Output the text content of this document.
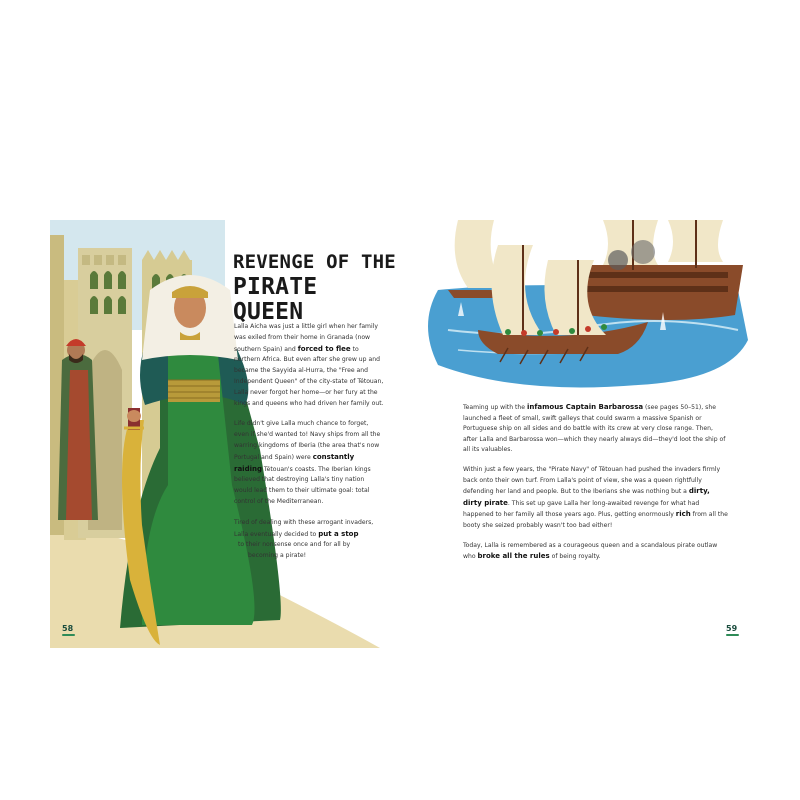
REVENGE OF THE
PIRATE QUEEN

Lalla Aicha was just a little girl when her family was exiled from their home in Granada (now southern Spain) and forced to flee to northern Africa. But even after she grew up and became the Sayyida al-Hurra, the "Free and Independent Queen" of the city-state of Tétouan, Lalla never forgot her home—or her fury at the kings and queens who had driven her family out.

Life didn't give Lalla much chance to forget, even if she'd wanted to! Navy ships from all the warring kingdoms of Iberia (the area that's now Portugal and Spain) were constantly raiding Tétouan's coasts. The Iberian kings believed that destroying Lalla's tiny nation would lead them to their ultimate goal: total control of the Mediterranean.

Tired of dealing with these arrogant invaders,
Lalla eventually decided to put a stop
to their nonsense once and for all by
becoming a pirate!

58

Teaming up with the infamous Captain Barbarossa (see pages 50–51), she launched a fleet of small, swift galleys that could swarm a massive Spanish or Portuguese ship on all sides and do battle with its crew at very close range. Then, after Lalla and Barbarossa won—which they nearly always did—they'd loot the ship of all its valuables.

Within just a few years, the "Pirate Navy" of Tétouan had pushed the invaders firmly back onto their own turf. From Lalla's point of view, she was a queen rightfully defending her land and people. But to the Iberians she was nothing but a dirty, dirty pirate. This set up gave Lalla her long-awaited revenge for what had happened to her family all those years ago. Plus, getting enormously rich from all the booty she seized probably wasn't too bad either!

Today, Lalla is remembered as a courageous queen and a scandalous pirate outlaw who broke all the rules of being royalty.

59
